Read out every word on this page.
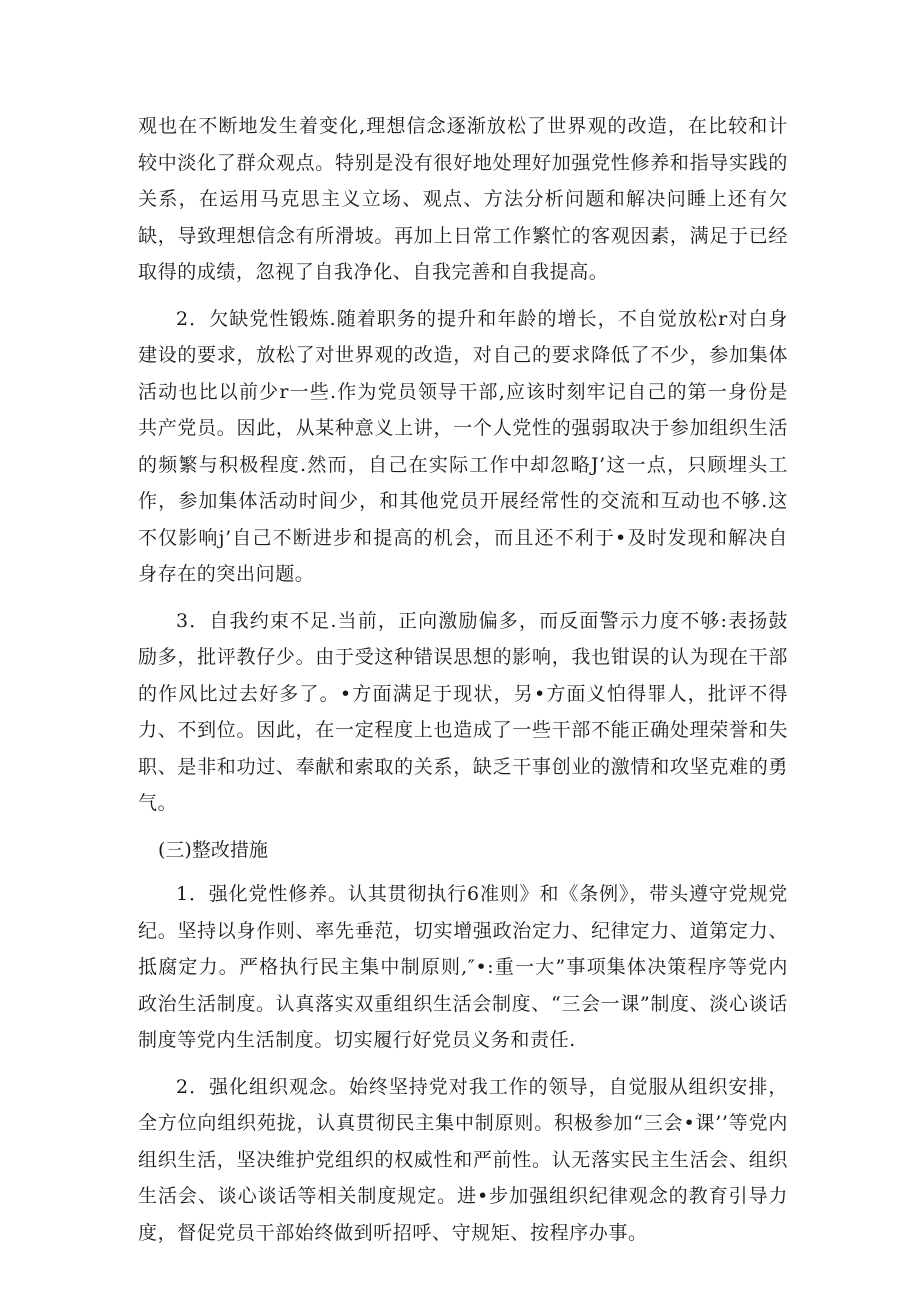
观也在不断地发生着变化,理想信念逐渐放松了世界观的改造，在比较和计较中淡化了群众观点。特别是没有很好地处理好加强党性修养和指导实践的关系，在运用马克思主义立场、观点、方法分析问题和解决问睡上还有欠缺，导致理想信念有所滑坡。再加上日常工作繁忙的客观因素，满足于已经取得的成绩，忽视了自我净化、自我完善和自我提高。

2．欠缺党性锻炼.随着职务的提升和年龄的增长，不自觉放松r对白身建设的要求，放松了对世界观的改造，对自己的要求降低了不少，参加集体活动也比以前少r一些.作为党员领导干部,应该时刻牢记自己的第一身份是共产党员。因此，从某种意义上讲，一个人党性的强弱取决于参加组织生活的频繁与积极程度.然而，自己在实际工作中却忽略J’这一点，只顾埋头工作，参加集体活动时间少，和其他党员开展经常性的交流和互动也不够.这不仅影响j’自己不断进步和提高的机会，而且还不利于•及时发现和解决自身存在的突出问题。

3．自我约束不足.当前，正向激励偏多，而反面警示力度不够:表扬鼓励多，批评教仔少。由于受这种错误思想的影响，我也钳误的认为现在干部的作风比过去好多了。•方面满足于现状，另•方面义怕得罪人，批评不得力、不到位。因此，在一定程度上也造成了一些干部不能正确处理荣誉和失职、是非和功过、奉献和索取的关系，缺乏干事创业的激情和攻坚克难的勇气。

(三)整改措施

1．强化党性修养。认其贯彻执行6准则》和《条例》，带头遵守党规党纪。坚持以身作则、率先垂范，切实增强政治定力、纪律定力、道第定力、抵腐定力。严格执行民主集中制原则,″•:重一大”事项集体决策程序等党内政治生活制度。认真落实双重组织生活会制度、“三会一课”制度、淡心谈话制度等党内生活制度。切实履行好党员义务和责任.

2．强化组织观念。始终坚持党对我工作的领导，自觉服从组织安排，全方位向组织苑拢，认真贯彻民主集中制原则。积极参加“三会•课’’等党内组织生活，坚决维护党组织的权威性和严前性。认无落实民主生活会、组织生活会、谈心谈话等相关制度规定。进•步加强组织纪律观念的教育引导力度，督促党员干部始终做到听招呼、守规矩、按程序办事。
